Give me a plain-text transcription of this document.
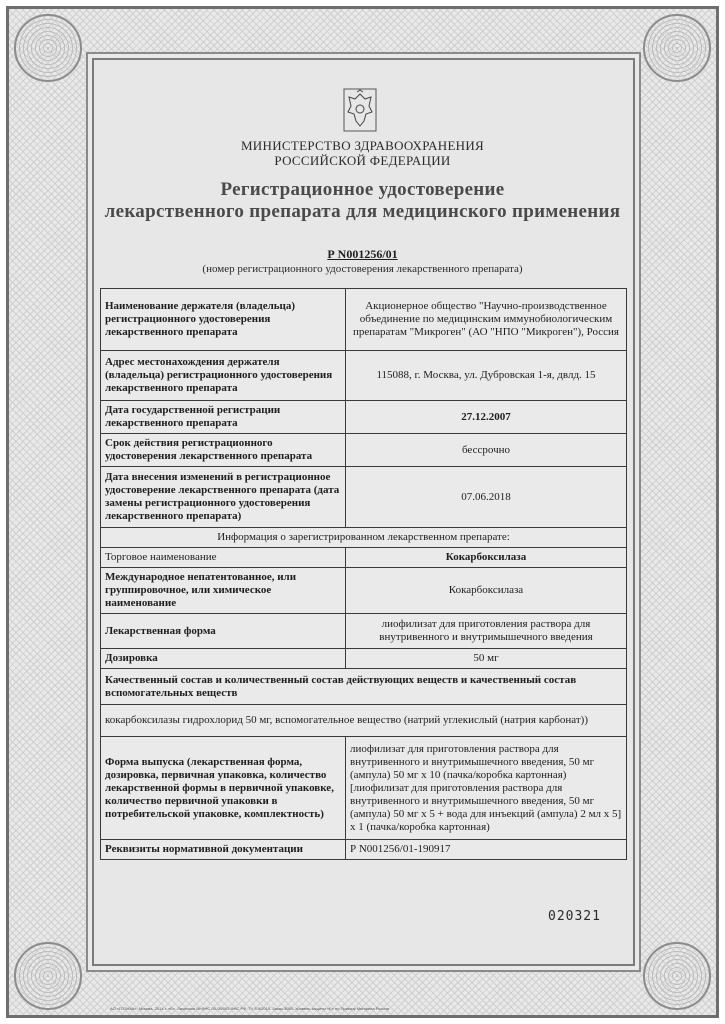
МИНИСТЕРСТВО ЗДРАВООХРАНЕНИЯ
РОССИЙСКОЙ ФЕДЕРАЦИИ
Регистрационное удостоверение
лекарственного препарата для медицинского применения
Р N001256/01
(номер регистрационного удостоверения лекарственного препарата)
Наименование держателя (владельца) регистрационного удостоверения лекарственного препарата	Акционерное общество "Научно-производственное объединение по медицинским иммунобиологическим препаратам "Микроген" (АО "НПО "Микроген"), Россия
Адрес местонахождения держателя (владельца) регистрационного удостоверения лекарственного препарата	115088, г. Москва, ул. Дубровская 1-я, двлд. 15
Дата государственной регистрации лекарственного препарата	27.12.2007
Срок действия регистрационного удостоверения лекарственного препарата	бессрочно
Дата внесения изменений в регистрационное удостоверение лекарственного препарата (дата замены регистрационного удостоверения лекарственного препарата)	07.06.2018
Информация о зарегистрированном лекарственном препарате:	
Торговое наименование	Кокарбоксилаза
Международное непатентованное, или группировочное, или химическое наименование	Кокарбоксилаза
Лекарственная форма	лиофилизат для приготовления раствора для внутривенного и внутримышечного введения
Дозировка	50 мг
Качественный состав и количественный состав действующих веществ и качественный состав вспомогательных веществ	
кокарбоксилазы гидрохлорид 50 мг, вспомогательное вещество (натрий углекислый (натрия карбонат))	
Форма выпуска (лекарственная форма, дозировка, первичная упаковка, количество лекарственной формы в первичной упаковке, количество первичной упаковки в потребительской упаковке, комплектность)	лиофилизат для приготовления раствора для внутривенного и внутримышечного введения, 50 мг (ампула) 50 мг x 10 (пачка/коробка картонная) [лиофилизат для приготовления раствора для внутривенного и внутримышечного введения, 50 мг (ампула) 50 мг x 5 + вода для инъекций (ампула) 2 мл x 5] x 1 (пачка/коробка картонная)
Реквизиты нормативной документации	Р N001256/01-190917
020321
АО «ГОЗНАК», Москва, 2014 г. «Б». Лицензия № ФНС 05-05/003 ФНС РФ. ТУ 5.9/2010. Заказ 3055. Уровень защиты «Б» по Приказу Минфина России
